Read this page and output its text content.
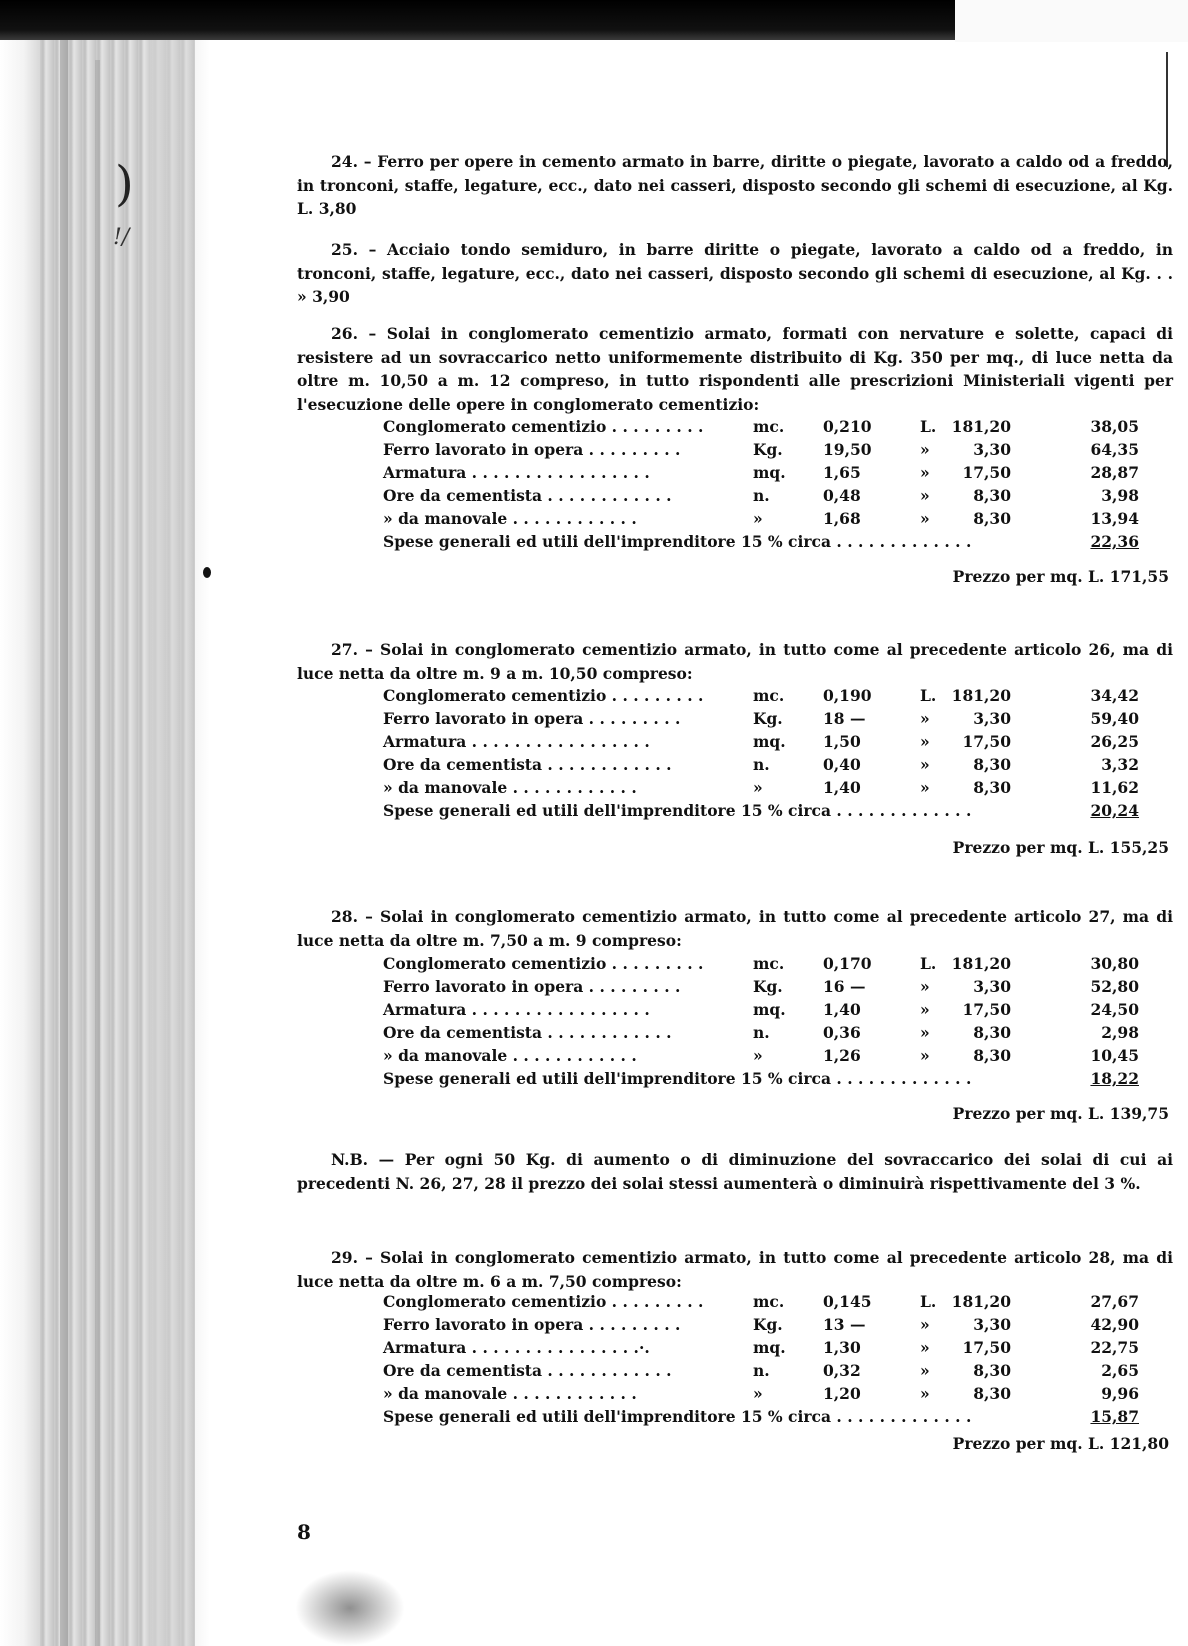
)
!/

24. – Ferro per opere in cemento armato in barre, diritte o piegate, lavorato a caldo od a freddo, in tronconi, staffe, legature, ecc., dato nei casseri, disposto secondo gli schemi di esecuzione, al Kg. L. 3,80

25. – Acciaio tondo semiduro, in barre diritte o piegate, lavorato a caldo od a freddo, in tronconi, staffe, legature, ecc., dato nei casseri, disposto secondo gli schemi di esecuzione, al Kg. . . » 3,90

26. – Solai in conglomerato cementizio armato, formati con nervature e solette, capaci di resistere ad un sovraccarico netto uniformemente distribuito di Kg. 350 per mq., di luce netta da oltre m. 10,50 a m. 12 compreso, in tutto rispondenti alle prescrizioni Ministeriali vigenti per l'esecuzione delle opere in conglomerato cementizio:

Conglomerato cementizio . . . . . . . . .	mc.	0,210	L. 181,20	38,05
Ferro lavorato in opera . . . . . . . . .	Kg.	19,50	»	3,30	64,35
Armatura . . . . . . . . . . . . . . . . .	mq. 1,65	»	17,50	28,87
Ore da cementista . . . . . . . . . . . .	n.	0,48	»	8,30	3,98
» da manovale . . . . . . . . . . . .	»	1,68	»	8,30	13,94
Spese generali ed utili dell'imprenditore 15 % circa . . . . . . . . . . . . .	22,36
Prezzo per mq. L. 171,55

27. – Solai in conglomerato cementizio armato, in tutto come al precedente articolo 26, ma di luce netta da oltre m. 9 a m. 10,50 compreso:

Conglomerato cementizio . . . . . . . . .	mc.	0,190	L. 181,20	34,42
Ferro lavorato in opera . . . . . . . . .	Kg.	18 —	»	3,30	59,40
Armatura . . . . . . . . . . . . . . . . .	mq. 1,50	»	17,50	26,25
Ore da cementista . . . . . . . . . . . .	n.	0,40	»	8,30	3,32
» da manovale . . . . . . . . . . . .	»	1,40	»	8,30	11,62
Spese generali ed utili dell'imprenditore 15 % circa . . . . . . . . . . . . .	20,24
Prezzo per mq. L. 155,25

28. – Solai in conglomerato cementizio armato, in tutto come al precedente articolo 27, ma di luce netta da oltre m. 7,50 a m. 9 compreso:

Conglomerato cementizio . . . . . . . . .	mc.	0,170	L. 181,20	30,80
Ferro lavorato in opera . . . . . . . . .	Kg.	16 —	»	3,30	52,80
Armatura . . . . . . . . . . . . . . . . .	mq. 1,40	»	17,50	24,50
Ore da cementista . . . . . . . . . . . .	n.	0,36	»	8,30	2,98
» da manovale . . . . . . . . . . . .	»	1,26	»	8,30	10,45
Spese generali ed utili dell'imprenditore 15 % circa . . . . . . . . . . . . .	18,22
Prezzo per mq. L. 139,75

N.B. — Per ogni 50 Kg. di aumento o di diminuzione del sovraccarico dei solai di cui ai precedenti N. 26, 27, 28 il prezzo dei solai stessi aumenterà o diminuirà rispettivamente del 3 %.

29. – Solai in conglomerato cementizio armato, in tutto come al precedente articolo 28, ma di luce netta da oltre m. 6 a m. 7,50 compreso:

Conglomerato cementizio . . . . . . . . .	mc.	0,145	L. 181,20	27,67
Ferro lavorato in opera . . . . . . . . .	Kg.	13 —	»	3,30	42,90
Armatura . . . . . . . . . . . . . . . .·.	mq. 1,30	»	17,50	22,75
Ore da cementista . . . . . . . . . . . .	n.	0,32	»	8,30	2,65
» da manovale . . . . . . . . . . . .	»	1,20	»	8,30	9,96
Spese generali ed utili dell'imprenditore 15 % circa . . . . . . . . . . . . .	15,87
Prezzo per mq. L. 121,80
8
